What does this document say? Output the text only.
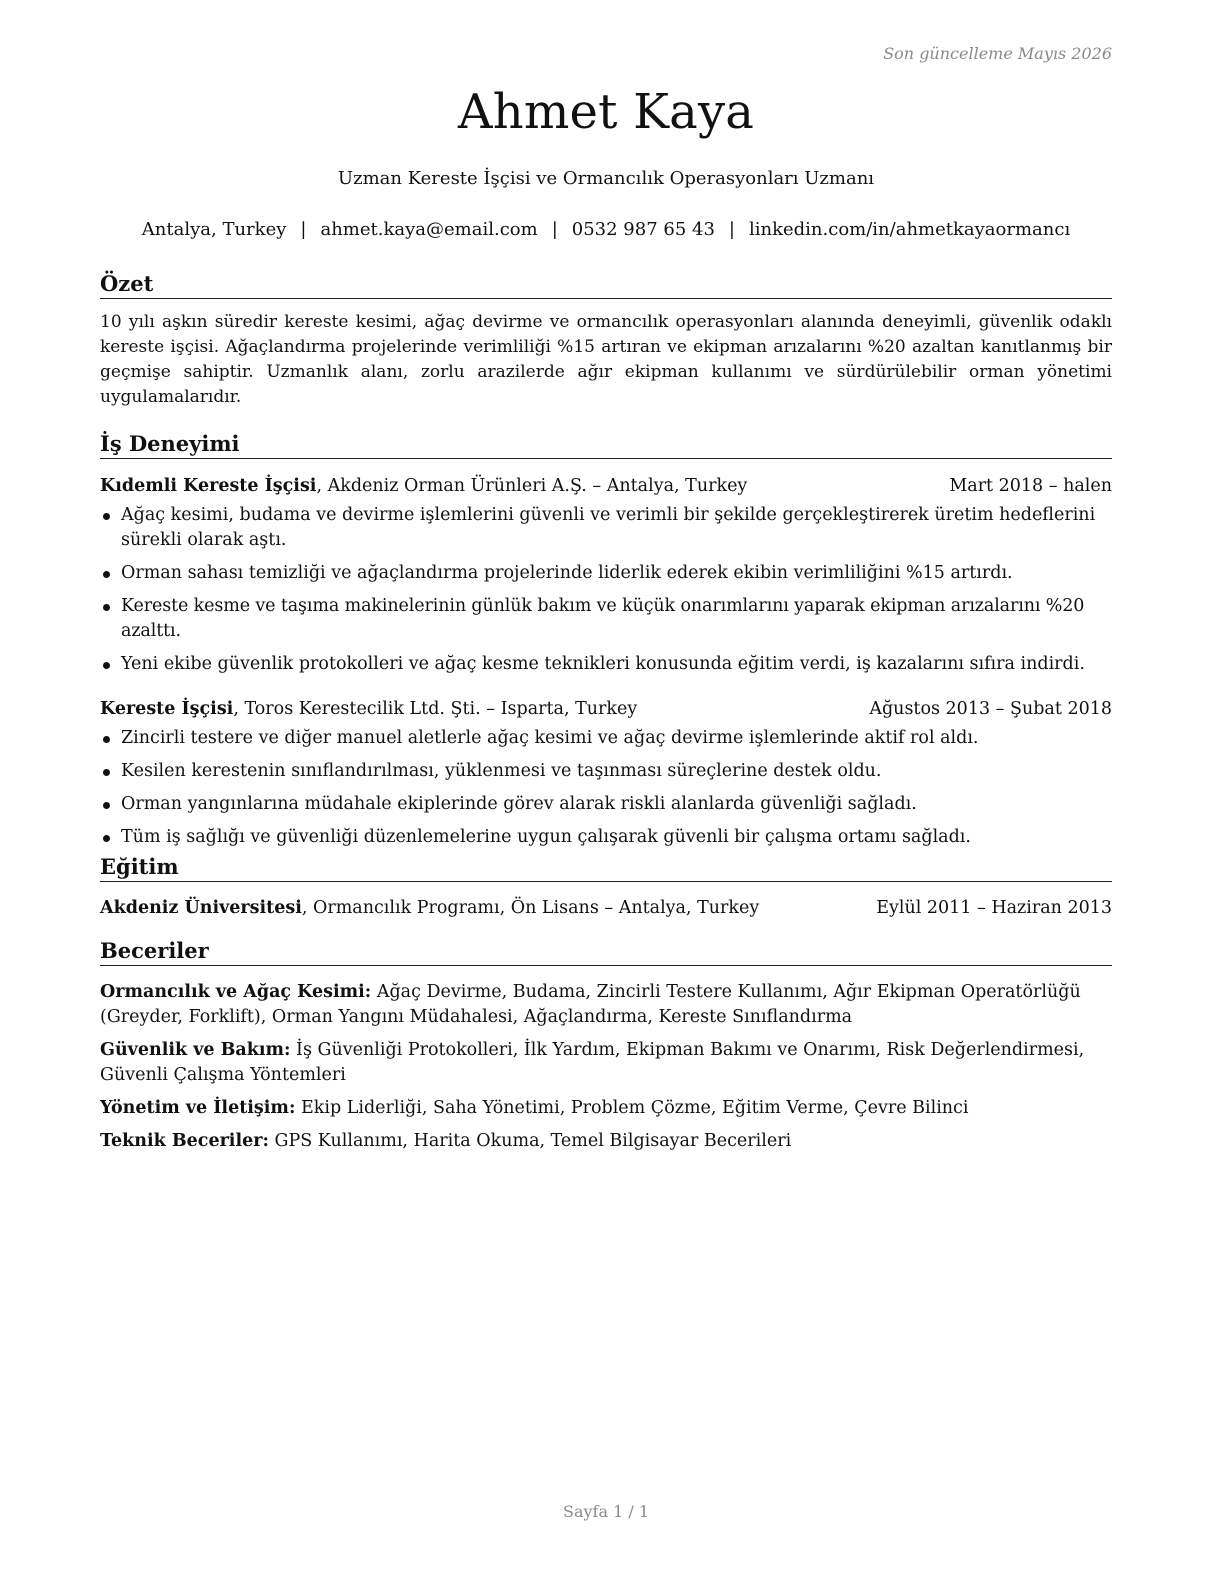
Son güncelleme Mayıs 2026
Ahmet Kaya
Uzman Kereste İşçisi ve Ormancılık Operasyonları Uzmanı
Antalya, Turkey | ahmet.kaya@email.com | 0532 987 65 43 | linkedin.com/in/ahmetkayaormancı
Özet
10 yılı aşkın süredir kereste kesimi, ağaç devirme ve ormancılık operasyonları alanında deneyimli, güvenlik odaklı kereste işçisi. Ağaçlandırma projelerinde verimliliği %15 artıran ve ekipman arızalarını %20 azaltan kanıtlanmış bir geçmişe sahiptir. Uzmanlık alanı, zorlu arazilerde ağır ekipman kullanımı ve sürdürülebilir orman yönetimi uygulamalarıdır.
İş Deneyimi
Kıdemli Kereste İşçisi, Akdeniz Orman Ürünleri A.Ş. – Antalya, Turkey	Mart 2018 – halen
Ağaç kesimi, budama ve devirme işlemlerini güvenli ve verimli bir şekilde gerçekleştirerek üretim hedeflerini sürekli olarak aştı.
Orman sahası temizliği ve ağaçlandırma projelerinde liderlik ederek ekibin verimliliğini %15 artırdı.
Kereste kesme ve taşıma makinelerinin günlük bakım ve küçük onarımlarını yaparak ekipman arızalarını %20 azalttı.
Yeni ekibe güvenlik protokolleri ve ağaç kesme teknikleri konusunda eğitim verdi, iş kazalarını sıfıra indirdi.
Kereste İşçisi, Toros Kerestecilik Ltd. Şti. – Isparta, Turkey	Ağustos 2013 – Şubat 2018
Zincirli testere ve diğer manuel aletlerle ağaç kesimi ve ağaç devirme işlemlerinde aktif rol aldı.
Kesilen kerestenin sınıflandırılması, yüklenmesi ve taşınması süreçlerine destek oldu.
Orman yangınlarına müdahale ekiplerinde görev alarak riskli alanlarda güvenliği sağladı.
Tüm iş sağlığı ve güvenliği düzenlemelerine uygun çalışarak güvenli bir çalışma ortamı sağladı.
Eğitim
Akdeniz Üniversitesi, Ormancılık Programı, Ön Lisans – Antalya, Turkey	Eylül 2011 – Haziran 2013
Beceriler
Ormancılık ve Ağaç Kesimi: Ağaç Devirme, Budama, Zincirli Testere Kullanımı, Ağır Ekipman Operatörlüğü (Greyder, Forklift), Orman Yangını Müdahalesi, Ağaçlandırma, Kereste Sınıflandırma
Güvenlik ve Bakım: İş Güvenliği Protokolleri, İlk Yardım, Ekipman Bakımı ve Onarımı, Risk Değerlendirmesi, Güvenli Çalışma Yöntemleri
Yönetim ve İletişim: Ekip Liderliği, Saha Yönetimi, Problem Çözme, Eğitim Verme, Çevre Bilinci
Teknik Beceriler: GPS Kullanımı, Harita Okuma, Temel Bilgisayar Becerileri
Sayfa 1 / 1
